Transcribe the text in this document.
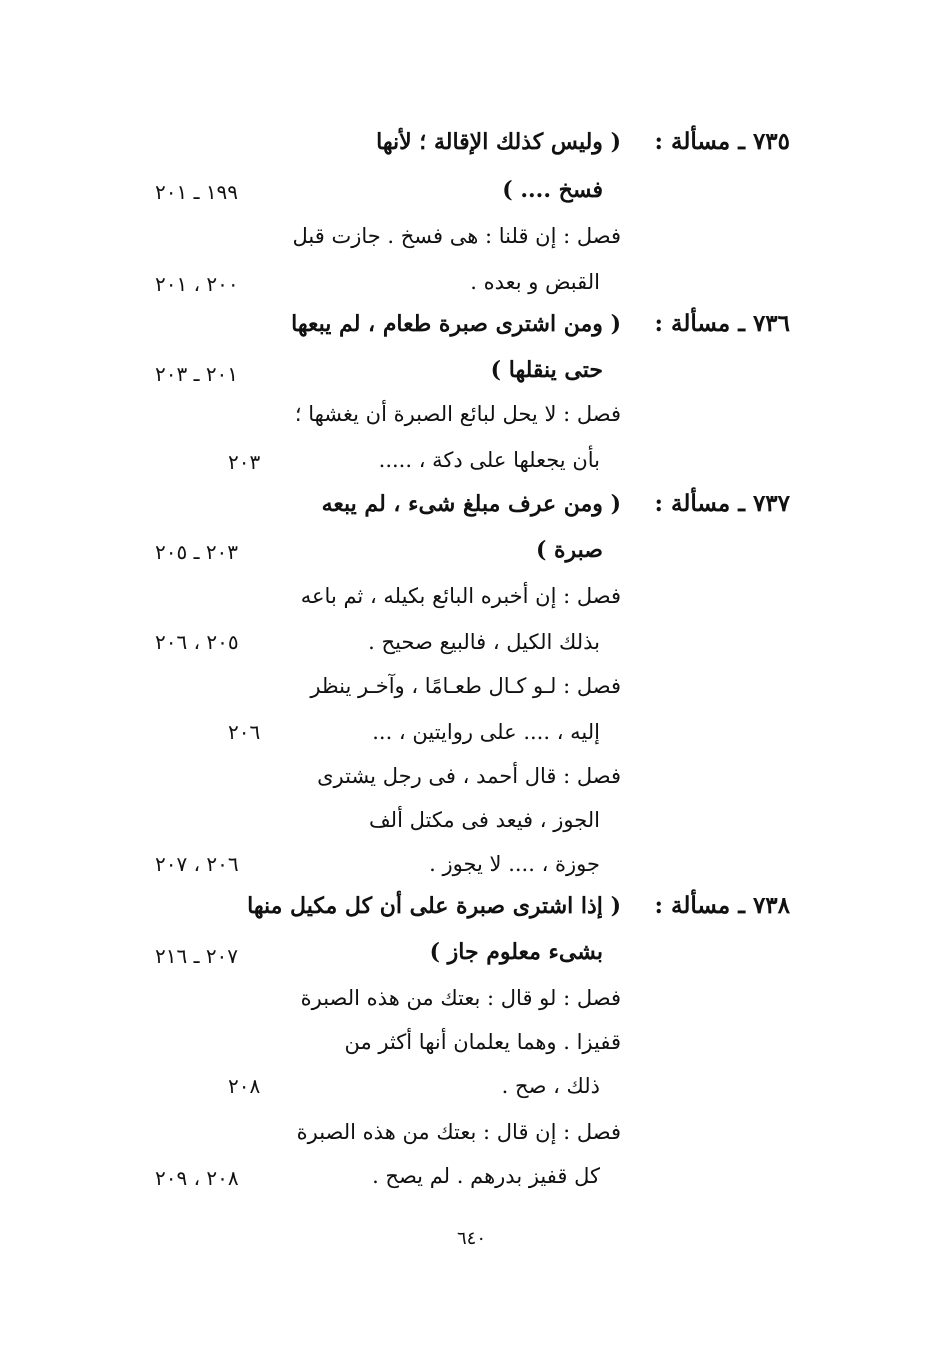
٧٣٥ ـ مسألة :
( وليس كذلك الإقالة ؛ لأنها
فسخ .... )
١٩٩ ـ ٢٠١
فصل : إن قلنا : هى فسخ . جازت قبل
القبض و بعده .
٢٠٠ ، ٢٠١
٧٣٦ ـ مسألة :
( ومن اشترى صبرة طعام ، لم يبعها
حتى ينقلها )
٢٠١ ـ ٢٠٣
فصل : لا يحل لبائع الصبرة أن يغشها ؛
بأن يجعلها على دكة ، .....
٢٠٣
٧٣٧ ـ مسألة :
( ومن عرف مبلغ شىء ، لم يبعه
صبرة )
٢٠٣ ـ ٢٠٥
فصل : إن أخبره البائع بكيله ، ثم باعه
بذلك الكيل ، فالبيع صحيح .
٢٠٥ ، ٢٠٦
فصل : لـو كـال طعـامًا ، وآخـر ينظر
إليه ، .... على روايتين ، ...
٢٠٦
فصل : قال أحمد ، فى رجل يشترى
الجوز ، فيعد فى مكتل ألف
جوزة ، .... لا يجوز .
٢٠٦ ، ٢٠٧
٧٣٨ ـ مسألة :
( إذا اشترى صبرة على أن كل مكيل منها
بشىء معلوم جاز )
٢٠٧ ـ ٢١٦
فصل : لو قال : بعتك من هذه الصبرة
قفيزا . وهما يعلمان أنها أكثر من
ذلك ، صح .
٢٠٨
فصل : إن قال : بعتك من هذه الصبرة
كل قفيز بدرهم . لم يصح .
٢٠٨ ، ٢٠٩
٦٤٠
